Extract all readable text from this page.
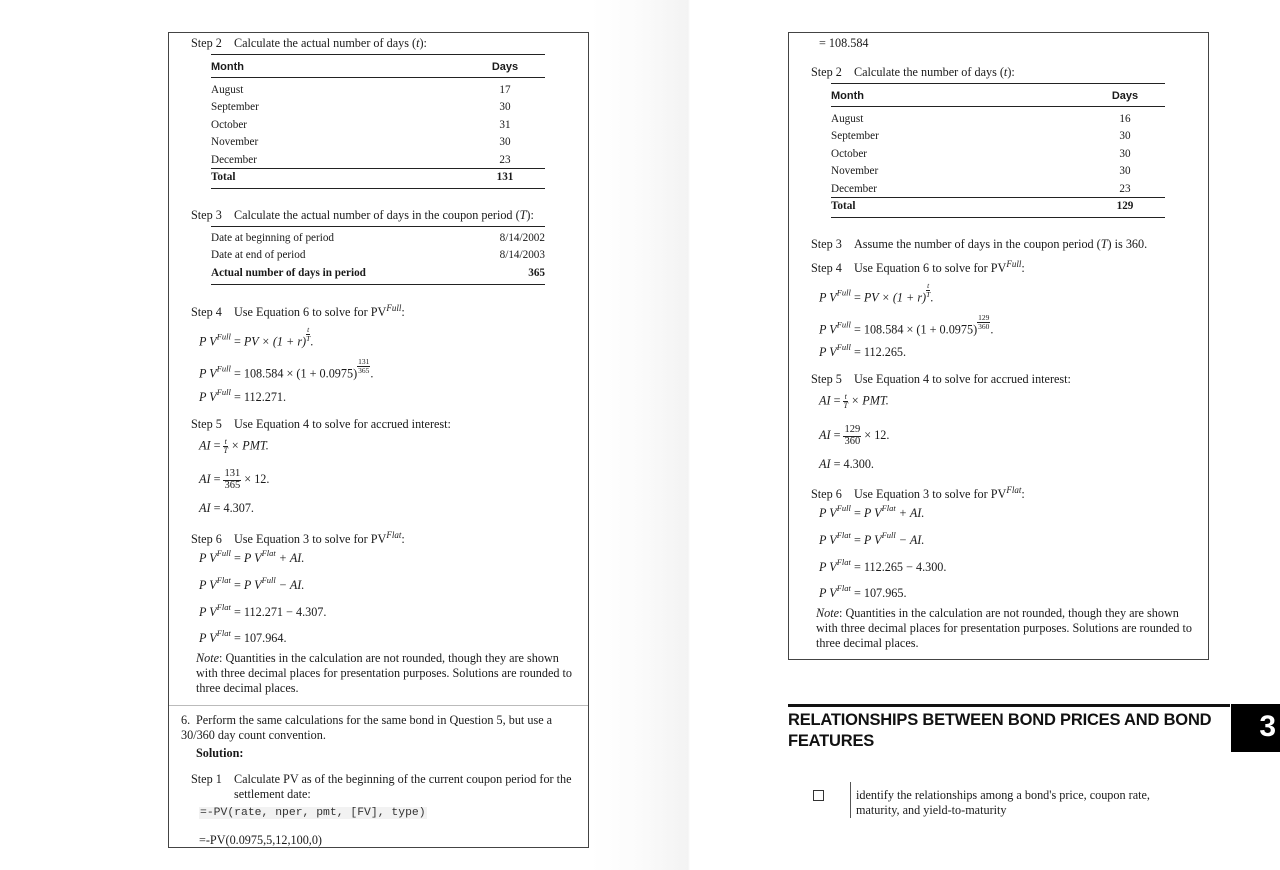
Step 2 Calculate the actual number of days (t):
Month	Days
August	17
September	30
October	31
November	30
December	23
Total	131
Step 3 Calculate the actual number of days in the coupon period (T):
Date at beginning of period	8/14/2002
Date at end of period	8/14/2003
Actual number of days in period	365
Step 4 Use Equation 6 to solve for $PV^{Full}$:
P $V^{Full}$ = PV × $(1 + r) \frac{t}{T}$ .
P $V^{Full} = 108.584 \times (1 + 0.0975) \frac{131}{365}$ .
P $V^{Full} = 112.271$.
Step 5 Use Equation 4 to solve for accrued interest:
AI = $\frac{t}{T}$ × PMT.
AI = $\frac{131}{365} \times 12$.
AI = 4.307.
Step 6 Use Equation 3 to solve for $PV^{Flat}$:
P $V^{Full} = P$ $V^{Flat}$ + AI.
P $V^{Flat} = P$ $V^{Full}$ − AI.
P $V^{Flat} = 112.271 - 4.307$.
P $V^{Flat} = 107.964$.
Note: Quantities in the calculation are not rounded, though they are shown with three decimal places for presentation purposes. Solutions are rounded to three decimal places.
6. Perform the same calculations for the same bond in Question 5, but use a 30/360 day count convention.
Solution:
Step 1 Calculate PV as of the beginning of the current coupon period for the
settlement date:
=-PV(rate, nper, pmt, [FV], type)
=-PV(0.0975,5,12,100,0)
= 108.584
Step 2 Calculate the number of days (t):
Month	Days
August	16
September	30
October	30
November	30
December	23
Total	129
Step 3 Assume the number of days in the coupon period (T) is 360.
Step 4 Use Equation 6 to solve for $PV^{Full}$:
P $V^{Full}$ = PV × $(1 + r) \frac{t}{T}$ .
P $V^{Full} = 108.584 \times (1 + 0.0975) \frac{129}{360}$ .
P $V^{Full} = 112.265$.
Step 5 Use Equation 4 to solve for accrued interest:
AI = $\frac{t}{T}$ × PMT.
AI = $\frac{129}{360} \times 12$.
AI = 4.300.
Step 6 Use Equation 3 to solve for $PV^{Flat}$:
P $V^{Full} = P$ $V^{Flat}$ + AI.
P $V^{Flat} = P$ $V^{Full}$ − AI.
P $V^{Flat} = 112.265 - 4.300$.
P $V^{Flat} = 107.965$.
Note: Quantities in the calculation are not rounded, though they are shown with three decimal places for presentation purposes. Solutions are rounded to three decimal places.
RELATIONSHIPS BETWEEN BOND PRICES AND BOND FEATURES	3
identify the relationships among a bond's price, coupon rate, maturity, and yield-to-maturity
